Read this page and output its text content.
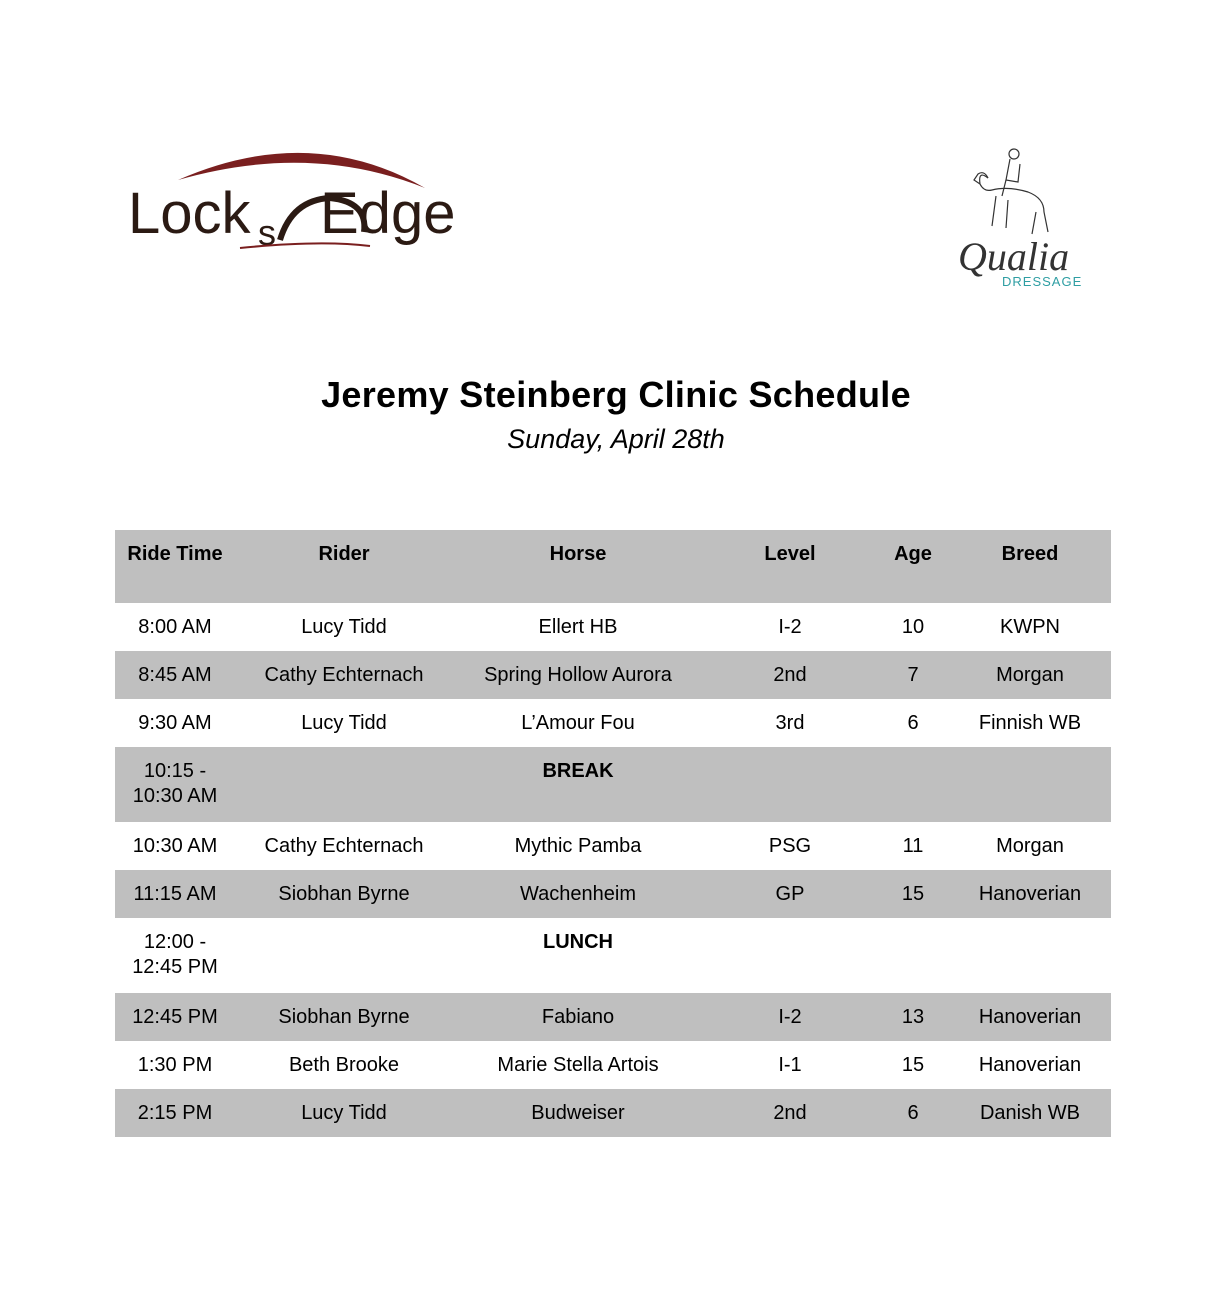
Lock s Edge
Qualia
DRESSAGE
Jeremy Steinberg Clinic Schedule
Sunday, April 28th
Ride Time	Rider	Horse	Level	Age	Breed
8:00 AM	Lucy Tidd	Ellert HB	I-2	10	KWPN
8:45 AM	Cathy Echternach	Spring Hollow Aurora	2nd	7	Morgan
9:30 AM	Lucy Tidd	L’Amour Fou	3rd	6	Finnish WB
10:15 - 10:30 AM		BREAK			
10:30 AM	Cathy Echternach	Mythic Pamba	PSG	11	Morgan
11:15 AM	Siobhan Byrne	Wachenheim	GP	15	Hanoverian
12:00 - 12:45 PM		LUNCH			
12:45 PM	Siobhan Byrne	Fabiano	I-2	13	Hanoverian
1:30 PM	Beth Brooke	Marie Stella Artois	I-1	15	Hanoverian
2:15 PM	Lucy Tidd	Budweiser	2nd	6	Danish WB
